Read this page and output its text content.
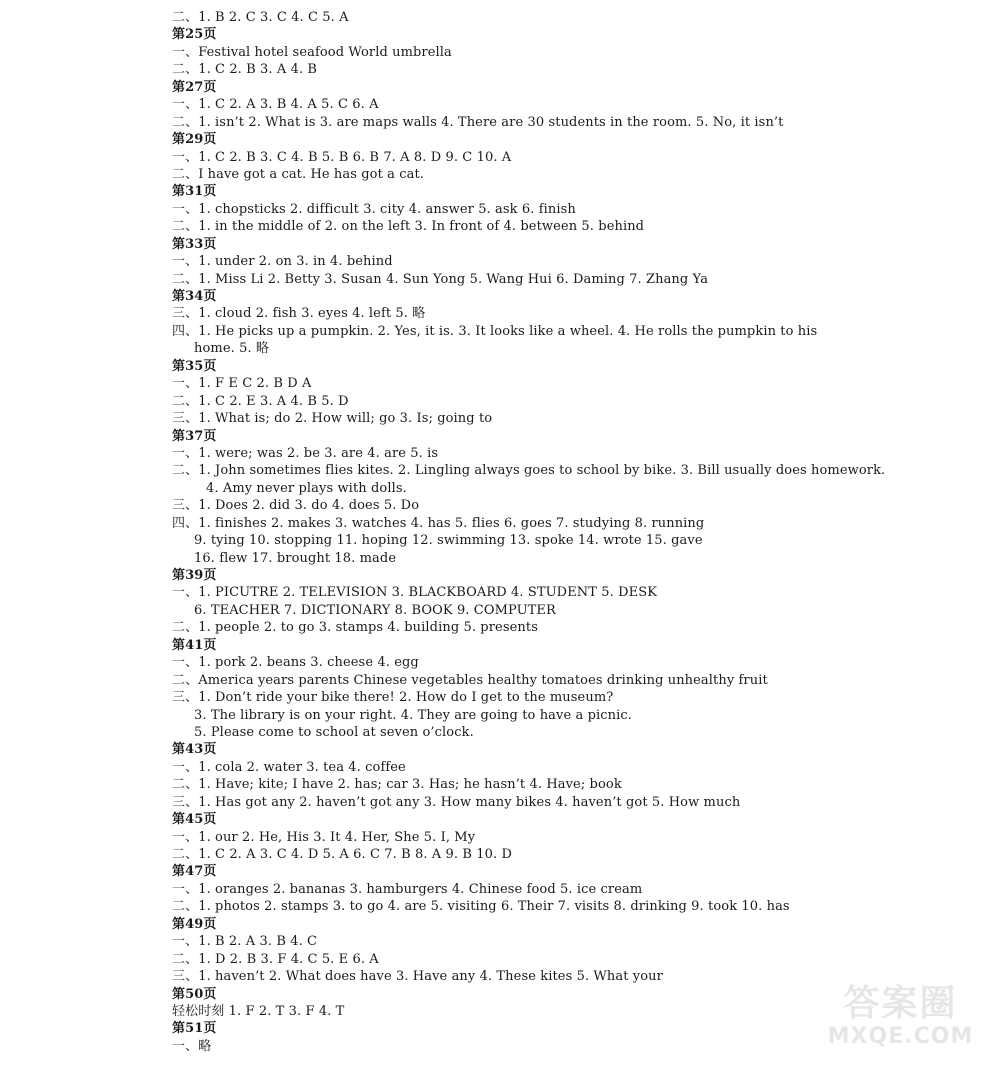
二、1. B 2. C 3. C 4. C 5. A
第25页
一、Festival hotel seafood World umbrella
二、1. C 2. B 3. A 4. B
第27页
一、1. C 2. A 3. B 4. A 5. C 6. A
二、1. isn’t 2. What is 3. are maps walls 4. There are 30 students in the room. 5. No, it isn’t
第29页
一、1. C 2. B 3. C 4. B 5. B 6. B 7. A 8. D 9. C 10. A
二、I have got a cat. He has got a cat.
第31页
一、1. chopsticks 2. difficult 3. city 4. answer 5. ask 6. finish
二、1. in the middle of 2. on the left 3. In front of 4. between 5. behind
第33页
一、1. under 2. on 3. in 4. behind
二、1. Miss Li 2. Betty 3. Susan 4. Sun Yong 5. Wang Hui 6. Daming 7. Zhang Ya
第34页
三、1. cloud 2. fish 3. eyes 4. left 5. 略
四、1. He picks up a pumpkin. 2. Yes, it is. 3. It looks like a wheel. 4. He rolls the pumpkin to his
home. 5. 略
第35页
一、1. F E C 2. B D A
二、1. C 2. E 3. A 4. B 5. D
三、1. What is; do 2. How will; go 3. Is; going to
第37页
一、1. were; was 2. be 3. are 4. are 5. is
二、1. John sometimes flies kites. 2. Lingling always goes to school by bike. 3. Bill usually does homework.
4. Amy never plays with dolls.
三、1. Does 2. did 3. do 4. does 5. Do
四、1. finishes 2. makes 3. watches 4. has 5. flies 6. goes 7. studying 8. running
9. tying 10. stopping 11. hoping 12. swimming 13. spoke 14. wrote 15. gave
16. flew 17. brought 18. made
第39页
一、1. PICUTRE 2. TELEVISION 3. BLACKBOARD 4. STUDENT 5. DESK
6. TEACHER 7. DICTIONARY 8. BOOK 9. COMPUTER
二、1. people 2. to go 3. stamps 4. building 5. presents
第41页
一、1. pork 2. beans 3. cheese 4. egg
二、America years parents Chinese vegetables healthy tomatoes drinking unhealthy fruit
三、1. Don’t ride your bike there! 2. How do I get to the museum?
3. The library is on your right. 4. They are going to have a picnic.
5. Please come to school at seven o’clock.
第43页
一、1. cola 2. water 3. tea 4. coffee
二、1. Have; kite; I have 2. has; car 3. Has; he hasn’t 4. Have; book
三、1. Has got any 2. haven’t got any 3. How many bikes 4. haven’t got 5. How much
第45页
一、1. our 2. He, His 3. It 4. Her, She 5. I, My
二、1. C 2. A 3. C 4. D 5. A 6. C 7. B 8. A 9. B 10. D
第47页
一、1. oranges 2. bananas 3. hamburgers 4. Chinese food 5. ice cream
二、1. photos 2. stamps 3. to go 4. are 5. visiting 6. Their 7. visits 8. drinking 9. took 10. has
第49页
一、1. B 2. A 3. B 4. C
二、1. D 2. B 3. F 4. C 5. E 6. A
三、1. haven’t 2. What does have 3. Have any 4. These kites 5. What your
第50页
轻松时刻 1. F 2. T 3. F 4. T
第51页
一、略
答案圈
MXQE.COM
